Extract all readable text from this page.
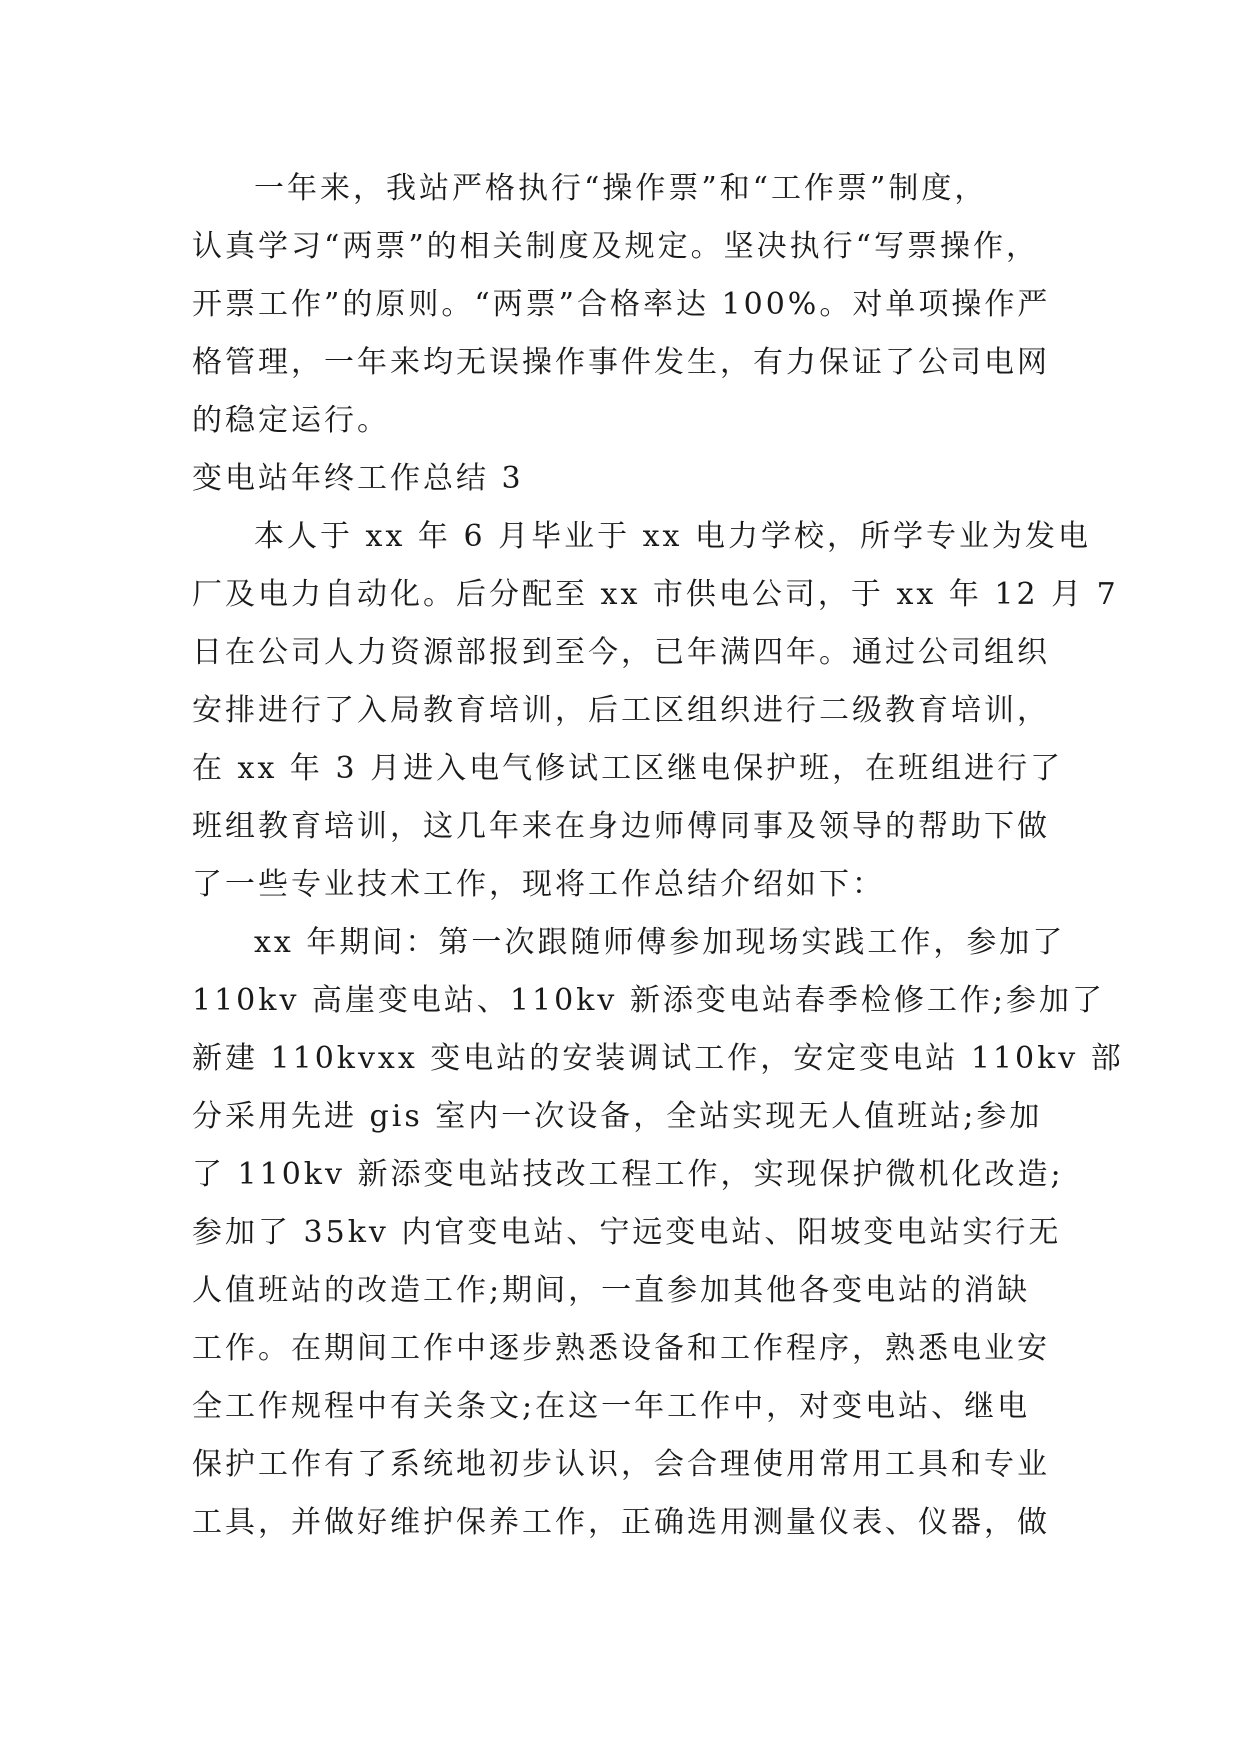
一年来，我站严格执行“操作票”和“工作票”制度，
认真学习“两票”的相关制度及规定。坚决执行“写票操作，
开票工作”的原则。“两票”合格率达 100%。对单项操作严
格管理，一年来均无误操作事件发生，有力保证了公司电网
的稳定运行。
变电站年终工作总结 3
本人于 xx 年 6 月毕业于 xx 电力学校，所学专业为发电
厂及电力自动化。后分配至 xx 市供电公司，于 xx 年 12 月 7
日在公司人力资源部报到至今，已年满四年。通过公司组织
安排进行了入局教育培训，后工区组织进行二级教育培训，
在 xx 年 3 月进入电气修试工区继电保护班，在班组进行了
班组教育培训，这几年来在身边师傅同事及领导的帮助下做
了一些专业技术工作，现将工作总结介绍如下：
xx 年期间：第一次跟随师傅参加现场实践工作，参加了
110kv 高崖变电站、110kv 新添变电站春季检修工作;参加了
新建 110kvxx 变电站的安装调试工作，安定变电站 110kv 部
分采用先进 gis 室内一次设备，全站实现无人值班站;参加
了 110kv 新添变电站技改工程工作，实现保护微机化改造;
参加了 35kv 内官变电站、宁远变电站、阳坡变电站实行无
人值班站的改造工作;期间，一直参加其他各变电站的消缺
工作。在期间工作中逐步熟悉设备和工作程序，熟悉电业安
全工作规程中有关条文;在这一年工作中，对变电站、继电
保护工作有了系统地初步认识，会合理使用常用工具和专业
工具，并做好维护保养工作，正确选用测量仪表、仪器，做
